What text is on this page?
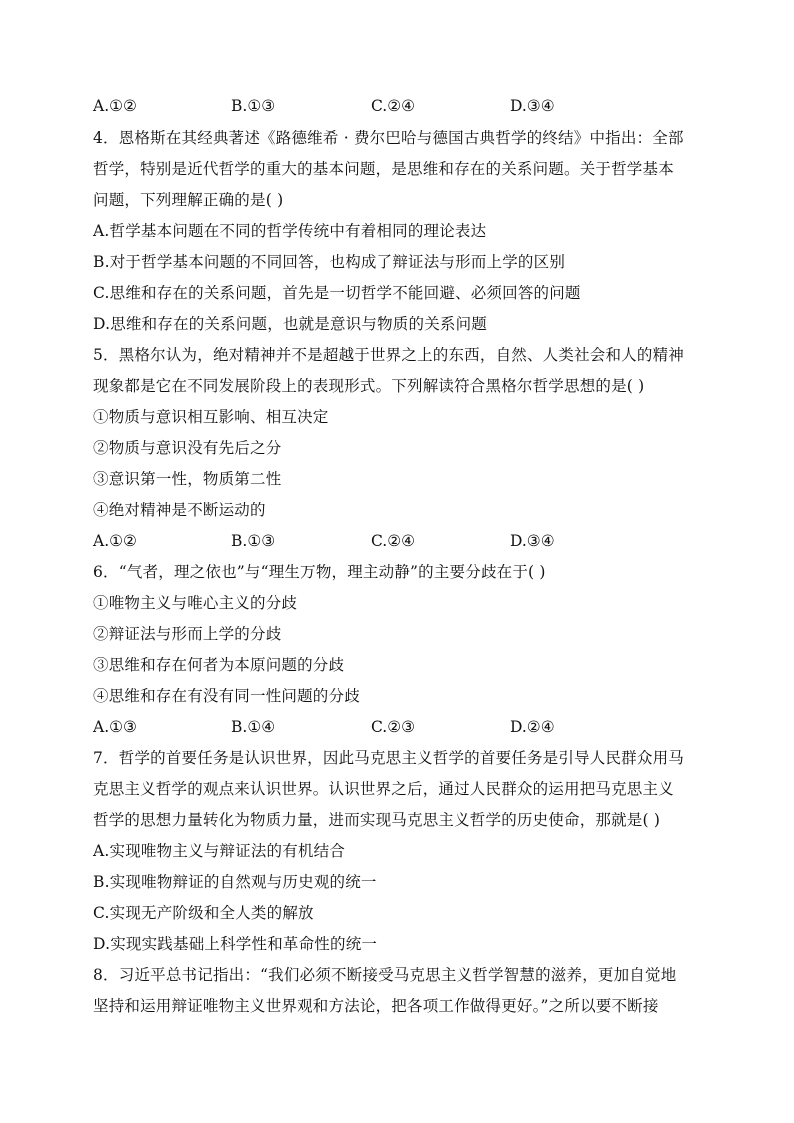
A.①②	B.①③	C.②④	D.③④
4．恩格斯在其经典著述《路德维希 · 费尔巴哈与德国古典哲学的终结》中指出：全部
哲学，特别是近代哲学的重大的基本问题，是思维和存在的关系问题。关于哲学基本
问题，下列理解正确的是( )
A.哲学基本问题在不同的哲学传统中有着相同的理论表达
B.对于哲学基本问题的不同回答，也构成了辩证法与形而上学的区别
C.思维和存在的关系问题，首先是一切哲学不能回避、必须回答的问题
D.思维和存在的关系问题，也就是意识与物质的关系问题
5．黑格尔认为，绝对精神并不是超越于世界之上的东西，自然、人类社会和人的精神
现象都是它在不同发展阶段上的表现形式。下列解读符合黑格尔哲学思想的是( )
①物质与意识相互影响、相互决定
②物质与意识没有先后之分
③意识第一性，物质第二性
④绝对精神是不断运动的
A.①②	B.①③	C.②④	D.③④
6．“气者，理之依也”与“理生万物，理主动静”的主要分歧在于( )
①唯物主义与唯心主义的分歧
②辩证法与形而上学的分歧
③思维和存在何者为本原问题的分歧
④思维和存在有没有同一性问题的分歧
A.①③	B.①④	C.②③	D.②④
7．哲学的首要任务是认识世界，因此马克思主义哲学的首要任务是引导人民群众用马
克思主义哲学的观点来认识世界。认识世界之后，通过人民群众的运用把马克思主义
哲学的思想力量转化为物质力量，进而实现马克思主义哲学的历史使命，那就是( )
A.实现唯物主义与辩证法的有机结合
B.实现唯物辩证的自然观与历史观的统一
C.实现无产阶级和全人类的解放
D.实现实践基础上科学性和革命性的统一
8．习近平总书记指出：“我们必须不断接受马克思主义哲学智慧的滋养，更加自觉地
坚持和运用辩证唯物主义世界观和方法论，把各项工作做得更好。”之所以要不断接
